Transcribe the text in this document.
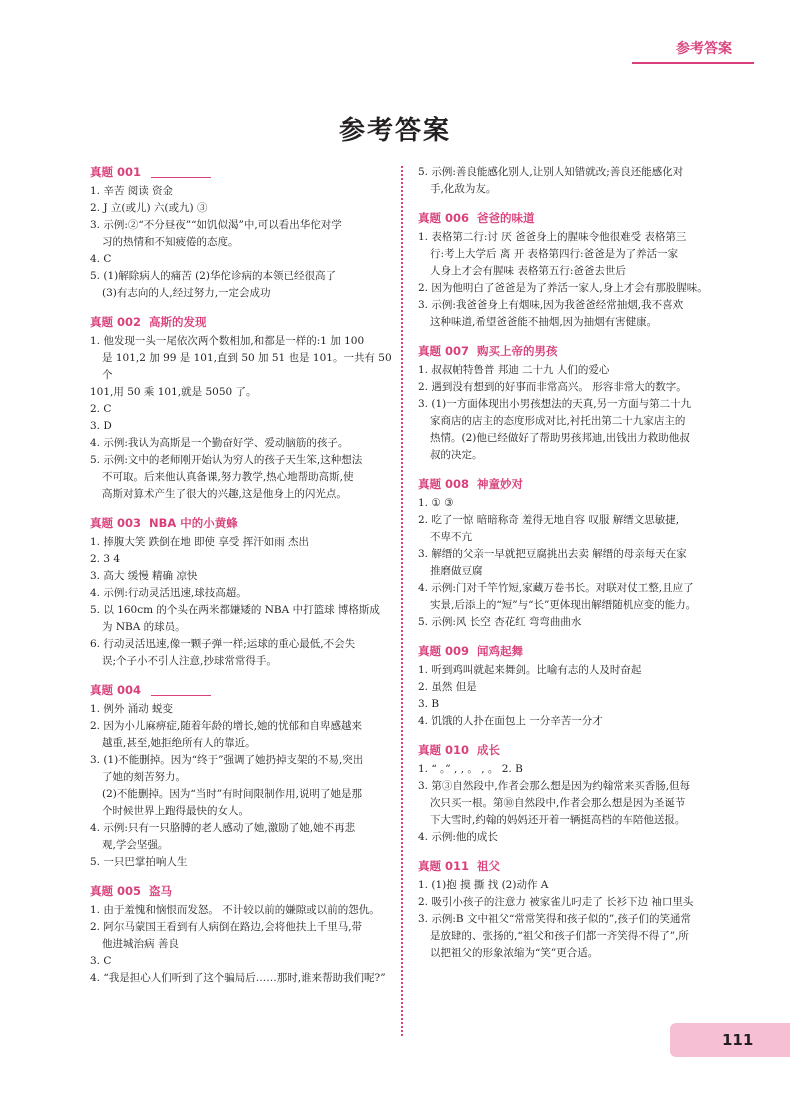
参考答案
参考答案
真题 001
1. 辛苦 阅读 资金
2. J 立(或儿) 六(或九) ③
3. 示例:②“不分昼夜”“如饥似渴”中,可以看出华佗对学
习的热情和不知疲倦的态度。
4. C
5. (1)解除病人的痛苦 (2)华佗诊病的本领已经很高了
(3)有志向的人,经过努力,一定会成功
真题 002 高斯的发现
1. 他发现一头一尾依次两个数相加,和都是一样的:1 加 100
是 101,2 加 99 是 101,直到 50 加 51 也是 101。一共有 50 个
101,用 50 乘 101,就是 5050 了。
2. C
3. D
4. 示例:我认为高斯是一个勤奋好学、爱动脑筋的孩子。
5. 示例:文中的老师刚开始认为穷人的孩子天生笨,这种想法
不可取。后来他认真备课,努力教学,热心地帮助高斯,使
高斯对算术产生了很大的兴趣,这是他身上的闪光点。
真题 003 NBA 中的小黄蜂
1. 捧腹大笑 跌倒在地 即使 享受 挥汗如雨 杰出
2. 3 4
3. 高大 缓慢 精确 凉快
4. 示例:行动灵活迅速,球技高超。
5. 以 160cm 的个头在两米都嫌矮的 NBA 中打篮球 博格斯成
为 NBA 的球员。
6. 行动灵活迅速,像一颗子弹一样;运球的重心最低,不会失
误;个子小不引人注意,抄球常常得手。
真题 004
1. 例外 涌动 蜕变
2. 因为小儿麻痹症,随着年龄的增长,她的忧郁和自卑感越来
越重,甚至,她拒绝所有人的靠近。
3. (1)不能删掉。因为“终于”强调了她扔掉支架的不易,突出
了她的刻苦努力。
(2)不能删掉。因为“当时”有时间限制作用,说明了她是那
个时候世界上跑得最快的女人。
4. 示例:只有一只胳膊的老人感动了她,激励了她,她不再悲
观,学会坚强。
5. 一只巴掌拍响人生
真题 005 盗马
1. 由于羞愧和恼恨而发怒。 不计较以前的嫌隙或以前的怨仇。
2. 阿尔马蒙国王看到有人病倒在路边,会将他扶上千里马,带
他进城治病 善良
3. C
4. “我是担心人们听到了这个骗局后……那时,谁来帮助我们呢?”
5. 示例:善良能感化别人,让别人知错就改;善良还能感化对
手,化敌为友。
真题 006 爸爸的味道
1. 表格第二行:讨 厌 爸爸身上的腥味令他很难受 表格第三
行:考上大学后 离 开 表格第四行:爸爸是为了养活一家
人身上才会有腥味 表格第五行:爸爸去世后
2. 因为他明白了爸爸是为了养活一家人,身上才会有那股腥味。
3. 示例:我爸爸身上有烟味,因为我爸爸经常抽烟,我不喜欢
这种味道,希望爸爸能不抽烟,因为抽烟有害健康。
真题 007 购买上帝的男孩
1. 叔叔帕特鲁普 邦迪 二十九 人们的爱心
2. 遇到没有想到的好事而非常高兴。 形容非常大的数字。
3. (1)一方面体现出小男孩想法的天真,另一方面与第二十九
家商店的店主的态度形成对比,衬托出第二十九家店主的
热情。(2)他已经做好了帮助男孩邦迪,出钱出力救助他叔
叔的决定。
真题 008 神童妙对
1. ① ③
2. 吃了一惊 暗暗称奇 羞得无地自容 叹服 解缙文思敏捷,
不卑不亢
3. 解缙的父亲一早就把豆腐挑出去卖 解缙的母亲每天在家
推磨做豆腐
4. 示例:门对千竿竹短,家藏万卷书长。对联对仗工整,且应了
实景,后添上的“短”与“长”更体现出解缙随机应变的能力。
5. 示例:风 长空 杏花红 弯弯曲曲水
真题 009 闻鸡起舞
1. 听到鸡叫就起来舞剑。比喻有志的人及时奋起
2. 虽然 但是
3. B
4. 饥饿的人扑在面包上 一分辛苦一分才
真题 010 成长
1. “ 。” , , 。 , 。 2. B
3. 第③自然段中,作者会那么想是因为约翰常来买香肠,但每
次只买一根。第⑩自然段中,作者会那么想是因为圣诞节
下大雪时,约翰的妈妈还开着一辆挺高档的车陪他送报。
4. 示例:他的成长
真题 011 祖父
1. (1)抱 摸 撕 找 (2)动作 A
2. 吸引小孩子的注意力 被家雀儿叼走了 长衫下边 袖口里头
3. 示例:B 文中祖父“常常笑得和孩子似的”,孩子们的笑通常
是放肆的、张扬的,“祖父和孩子们都一齐笑得不得了”,所
以把祖父的形象浓缩为“笑”更合适。
111
